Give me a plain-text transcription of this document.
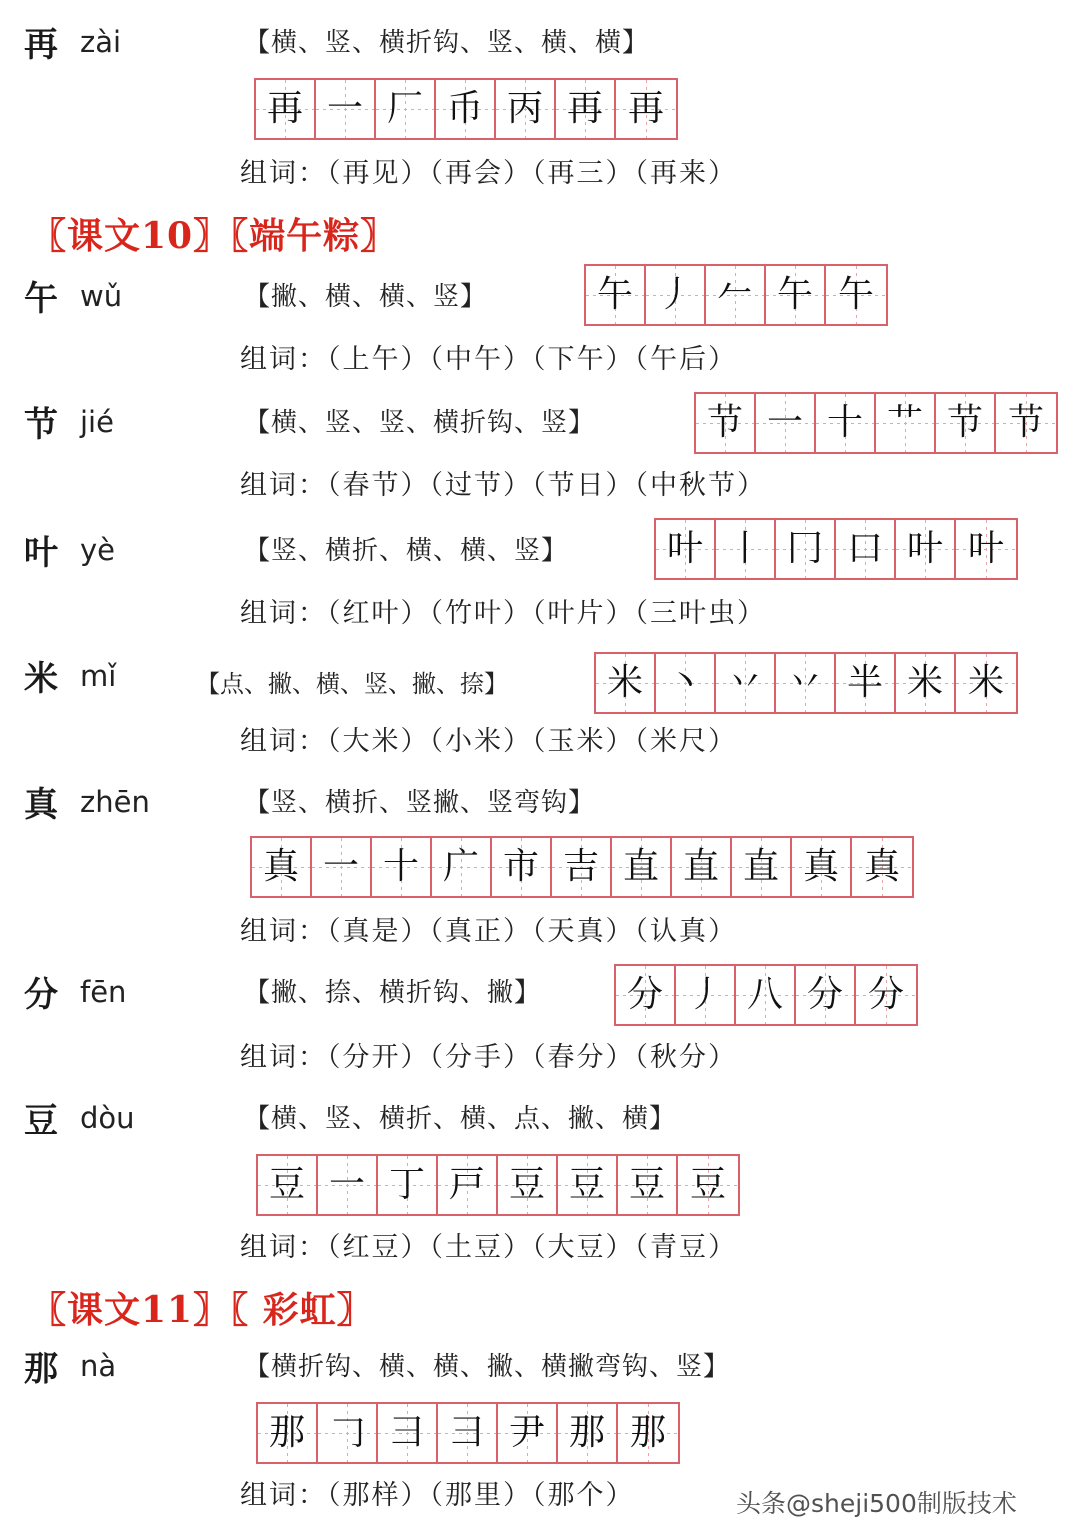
再 zài	【横、竖、横折钩、竖、横、横】
再 一 厂 币 丙 再 再
组词：（再见）（再会）（再三）（再来）
〖课文10〗〖端午粽〗
午 wǔ	【撇、横、横、竖】	午 丿 𠂉 午 午
组词：（上午）（中午）（下午）（午后）
节 jié	【横、竖、竖、横折钩、竖】	节 一 十 艹 节 节
组词：（春节）（过节）（节日）（中秋节）
叶 yè	【竖、横折、横、横、竖】	叶 丨 冂 口 叶 叶
组词：（红叶）（竹叶）（叶片）（三叶虫）
米 mǐ	【点、撇、横、竖、撇、捺】	米 丶 丷 丷 半 米 米
组词：（大米）（小米）（玉米）（米尺）
真 zhēn	【竖、横折、竖撇、竖弯钩】
真 一 十 广 市 吉 直 直 直 真 真
组词：（真是）（真正）（天真）（认真）
分 fēn	【撇、捺、横折钩、撇】	分 丿 八 分 分
组词：（分开）（分手）（春分）（秋分）
豆 dòu	【横、竖、横折、横、点、撇、横】
豆 一 丁 戸 豆 豆 豆 豆
组词：（红豆）（土豆）（大豆）（青豆）
〖课文11〗〖 彩虹〗
那 nà	【横折钩、横、横、撇、横撇弯钩、竖】
那 𠃌 彐 彐 尹 那 那
组词：（那样）（那里）（那个）	头条@sheji500制版技术
